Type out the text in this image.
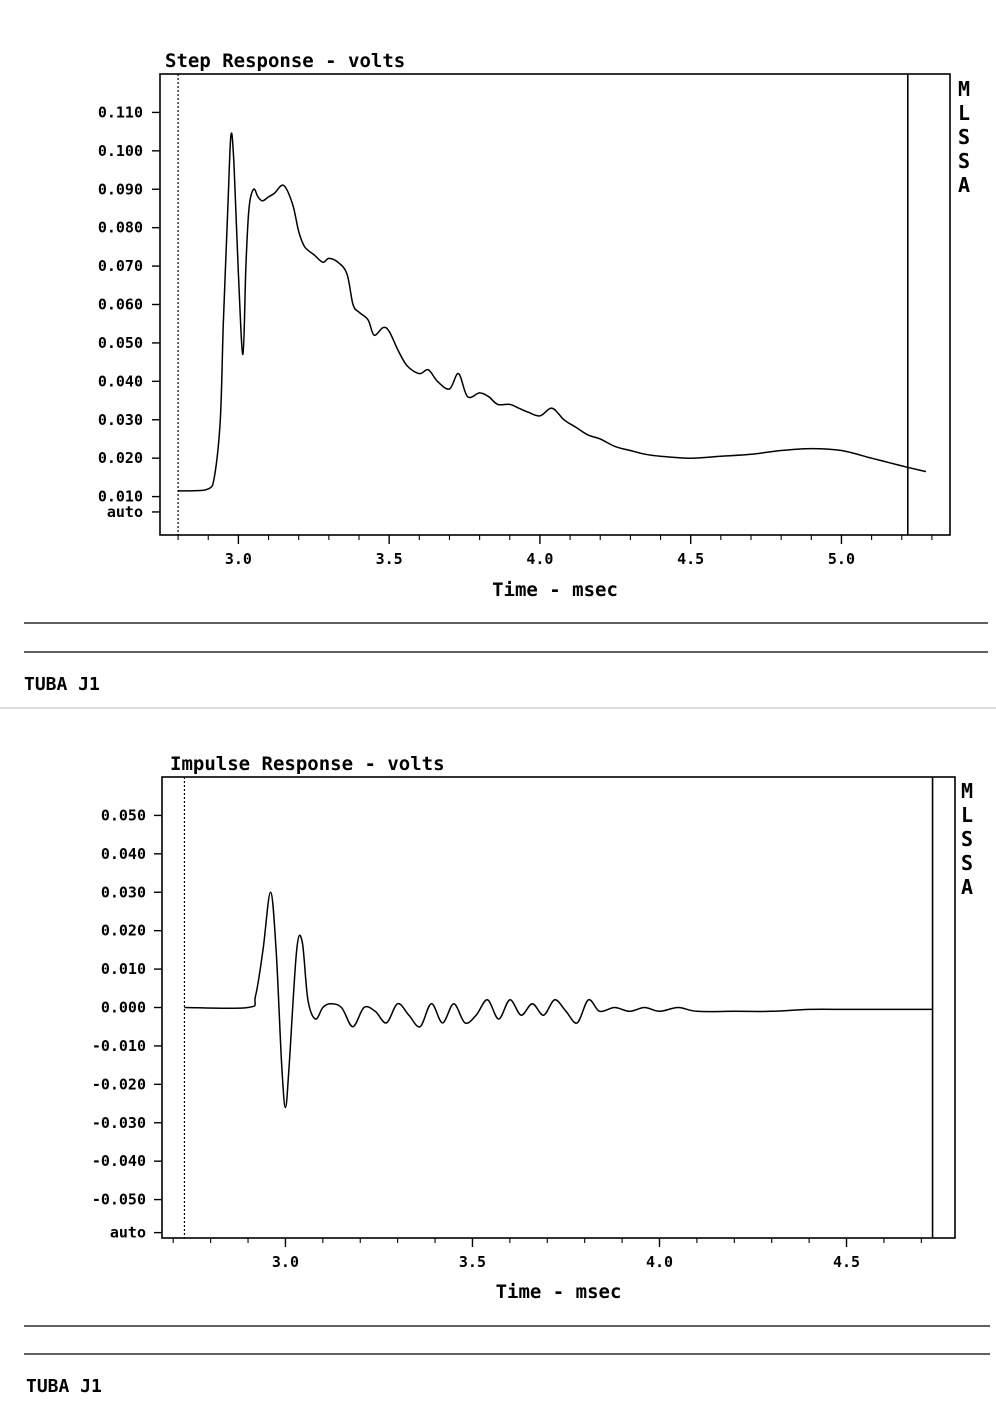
Step Response - volts
Time - msec
M
L
S
S
A
TUBA J1
auto
0.010
0.020
0.030
0.040
0.050
0.060
0.070
0.080
0.090
0.100
0.110
3.0	3.5	4.0	4.5	5.0
Impulse Response - volts
Time - msec
M
L
S
S
A
TUBA J1
auto
-0.050
-0.040
-0.030
-0.020
-0.010
0.000
0.010
0.020
0.030
0.040
0.050
3.0	3.5	4.0	4.5
